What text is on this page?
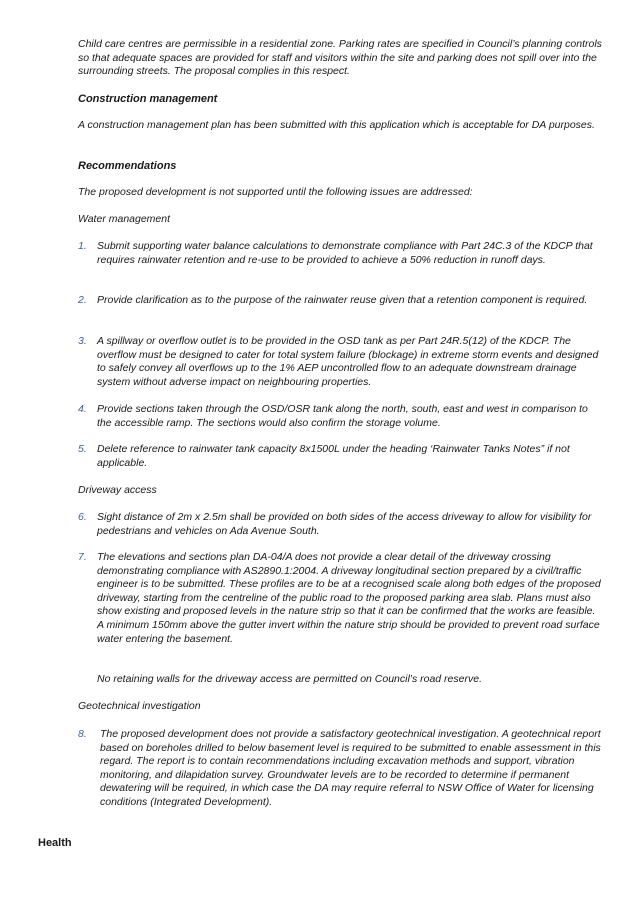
Child care centres are permissible in a residential zone. Parking rates are specified in Council’s planning controls so that adequate spaces are provided for staff and visitors within the site and parking does not spill over into the surrounding streets. The proposal complies in this respect.

Construction management

A construction management plan has been submitted with this application which is acceptable for DA purposes.

Recommendations

The proposed development is not supported until the following issues are addressed:

Water management

1. Submit supporting water balance calculations to demonstrate compliance with Part 24C.3 of the KDCP that requires rainwater retention and re-use to be provided to achieve a 50% reduction in runoff days.
2. Provide clarification as to the purpose of the rainwater reuse given that a retention component is required.
3. A spillway or overflow outlet is to be provided in the OSD tank as per Part 24R.5(12) of the KDCP. The overflow must be designed to cater for total system failure (blockage) in extreme storm events and designed to safely convey all overflows up to the 1% AEP uncontrolled flow to an adequate downstream drainage system without adverse impact on neighbouring properties.
4. Provide sections taken through the OSD/OSR tank along the north, south, east and west in comparison to the accessible ramp. The sections would also confirm the storage volume.
5. Delete reference to rainwater tank capacity 8x1500L under the heading ‘Rainwater Tanks Notes” if not applicable.

Driveway access

6. Sight distance of 2m x 2.5m shall be provided on both sides of the access driveway to allow for visibility for pedestrians and vehicles on Ada Avenue South.
7. The elevations and sections plan DA-04/A does not provide a clear detail of the driveway crossing demonstrating compliance with AS2890.1:2004. A driveway longitudinal section prepared by a civil/traffic engineer is to be submitted. These profiles are to be at a recognised scale along both edges of the proposed driveway, starting from the centreline of the public road to the proposed parking area slab. Plans must also show existing and proposed levels in the nature strip so that it can be confirmed that the works are feasible. A minimum 150mm above the gutter invert within the nature strip should be provided to prevent road surface water entering the basement.

No retaining walls for the driveway access are permitted on Council’s road reserve.

Geotechnical investigation

8. The proposed development does not provide a satisfactory geotechnical investigation. A geotechnical report based on boreholes drilled to below basement level is required to be submitted to enable assessment in this regard. The report is to contain recommendations including excavation methods and support, vibration monitoring, and dilapidation survey. Groundwater levels are to be recorded to determine if permanent dewatering will be required, in which case the DA may require referral to NSW Office of Water for licensing conditions (Integrated Development).
Health
